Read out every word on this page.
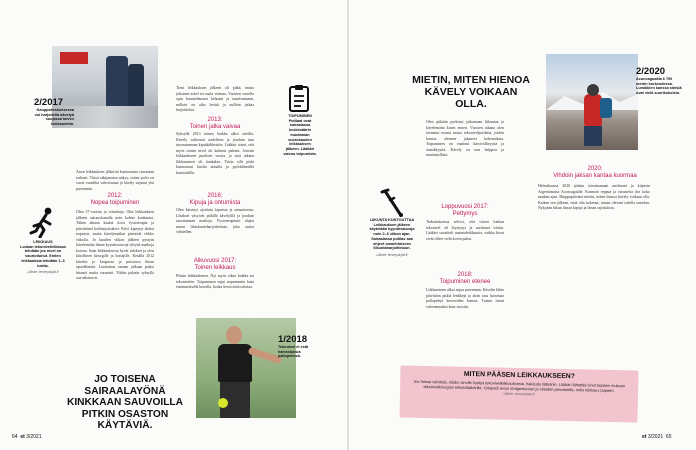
2/2017
Kauppakeskuksessa voi harjoitella kävelyä suojassa talven liukkaudelta.
Anon leikkauksen jälkeistä kuntoutusta seurataan tarkasti. Tässä aikajanassa näkyy, miten polvi on vuosi vuodelta vahvistunut ja kävely sujunut yhä paremmin.
2012:
Nopea toipuminen
Olen 37-vuotias ja toimittaja. Olin leikkauksen jälkeen sairauslomalla noin kolme kuukautta. Tähän aikaan kuului tiivis fysioterapia ja päivittäiset kotiharjoitukset. Polvi kipeytyi aluksi nopeasti, mutta kävelymatkat pitenivät viikko viikolta. Jo kuuden viikon jälkeen pystyin kävelemään ilman kyynärsauvoja lyhyitä matkoja kotona. Saan leikkauksesta hyvät tulokset ja olen kiitollinen kirurgille ja hoitajille. Kesällä 2012 kävelin jo kaupassa ja puistossa ilman apuvälineitä. Luottamus omaan jalkaan palasi hitaasti mutta varmasti. Töihin palasin syksyllä osa-aikaisesti.
LEIKKAUS
Lonkan tekonivelleikkaus tehdään jos nivel on vaurioitunut. Eniten leikkauksia tehdään 1–3 tuntia.
Lähde: terveyskylä.fi
Tieni leikkauksen jälkeen oli pitkä, mutta jokainen askel toi uutta voimaa. Vuosien varrella opin kuuntelemaan kehoani ja tunnistamaan, milloin on aika levätä ja milloin jatkaa harjoittelua.
2013:
Toinen jalka vaivaa
Syksyllä 2013 toinen lonkka alkoi oireilla. Kävely vaikeutui uudelleen ja jouduin taas turvautumaan kipulääkkeisiin. Lääkäri totesi, että myös toinen nivel oli kulunut pahasti. Jonotin leikkaukseen puolisen vuotta, ja sinä aikana liikkuminen oli hankalaa. Yritin silti pitää kunnostani huolta uimalla ja pyöräilemällä kuntosalilla.
2016:
Kipuja ja ontumista
Olen kärsinyt ajoittain kipuista ja ontumisesta. Lihakset väsyivät pitkillä kävelyillä ja jouduin tauottamaan matkoja. Fysioterapeutti ohjasi minut lihaskuntoharjoitteluun, joka auttoi vähitellen.
Alkuvuosi 2017:
Toinen leikkaus
Pääsin leikkaukseen. Nyt myös oikea lonkka sai tekonivelen. Toipuminen sujui nopeammin kuin ensimmäisellä kerralla, koska tiesin mitä odottaa.
1/2018
Tekonivel ei estä harrastuksia pallopelissä.
JO TOISENA SAIRAALAYÖNÄ KINKKAAN SAUVOILLA PITKIN OSASTON KÄYTÄVIÄ.
64 et 3/2021
TOIPUMINEN
Potilaat ovat sairaalassa keskimäärin muutaman vuorokauden leikkauksen jälkeen. Lääkäri valvoo toipumista.
LIIKUNTA KUNTOUTTAA
Leikkauksen jälkeen käytetään kyynärsauvoja noin 2–6 viikon ajan. Sairaalassa potilas saa ohjeet omaehtoiseen liikuntaharjoitteluun.
Lähde: terveyskylä.fi
MIETIN, MITEN HIENOA KÄVELY VOIKAAN OLLA.
Olen pitkään pyrkinyt jatkamaan liikuntaa ja kävelemään kuten ennen. Vuosien aikana olen tavannut monia muita tekonivelpotilaita, joiden kanssa olemme jakaneet kokemuksia. Toipuminen on vaatinut kärsivällisyyttä ja sinnikkyyttä. Kävely on taas helppoa ja nautinnollista.
Loppuvuosi 2017:
Pettymys
Tarkastuksessa selvisi, että toisen lonkan tekonivel oli löystynyt ja asettunut väärin. Lääkäri suositteli uusintaleikkausta, vaikka kivut eivät olleet vielä kovin pahat.
2018:
Toipuminen etenee
Liikkuminen alkoi sujua paremmin. Kävelin lähes päivittäin pitkiä lenkkejä ja aloin taas harrastaa pallopelejä kavereiden kanssa. Tunsin itseni vahvemmaksi kuin vuosiin.
2/2020
Aconcaguallla 6 700 metrin korkeudessa. Lumikkien kanssa sinisiä ovat vielä suurikokoisia.
2020:
Vihdoin jaksan kantaa kuormaa
Helmikuussa 2020 pääsin toteuttamaan unelmani ja kiipesin Argentiinassa Aconcagualle. Kannoin reppua ja varusteita itse koko matkan ajan. Huippupäivänä mietin, miten hienoa kävely voikaan olla. Kaiken sen jälkeen, mitä olin kokenut, tunsin olevani todella onnekas. Nykyään liikun ilman kipuja ja ilman rajoituksia.
MITEN PÄÄSEN LEIKKAUKSEEN?
Jos haluat selvittää, olisiko sinulle hyötyä tekonivelleikkauksesta, hakeudu lääkäriin. Lääkäri lähettää sinut tarpeen mukaan tekonivelkirurgian erikoislääkärille. Ortopedi arvioi röntgenkuvien ja oireiden perusteella, onko leikkaus tarpeen.
Lähde: terveyskylä.fi
et 3/2021 65
